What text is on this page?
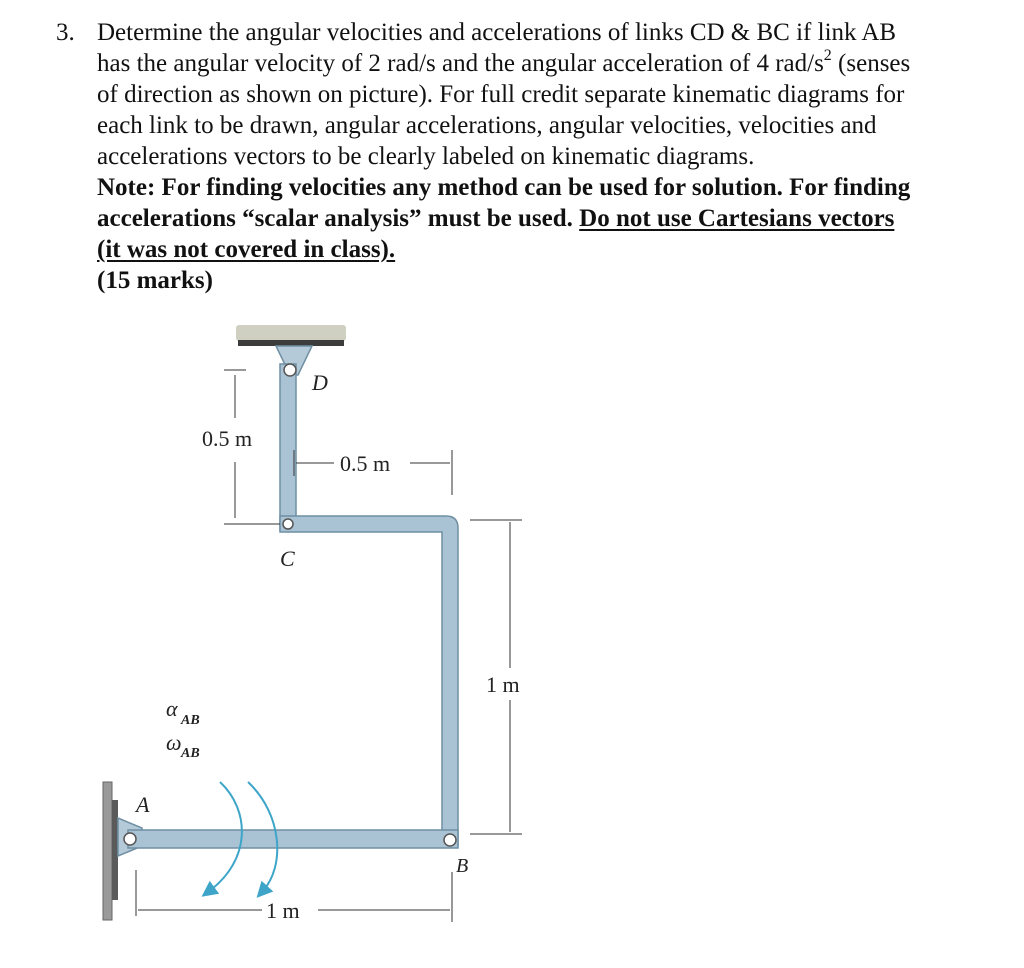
3. Determine the angular velocities and accelerations of links CD & BC if link AB
has the angular velocity of 2 rad/s and the angular acceleration of 4 rad/$s^2$ (senses
of direction as shown on picture). For full credit separate kinematic diagrams for
each link to be drawn, angular accelerations, angular velocities, velocities and
accelerations vectors to be clearly labeled on kinematic diagrams.
Note: For finding velocities any method can be used for solution. For finding
accelerations “scalar analysis” must be used. Do not use Cartesians vectors
(it was not covered in class).
(15 marks)
D
C
A
B
0.5 m
0.5 m
1 m
1 m
α AB
ω AB
